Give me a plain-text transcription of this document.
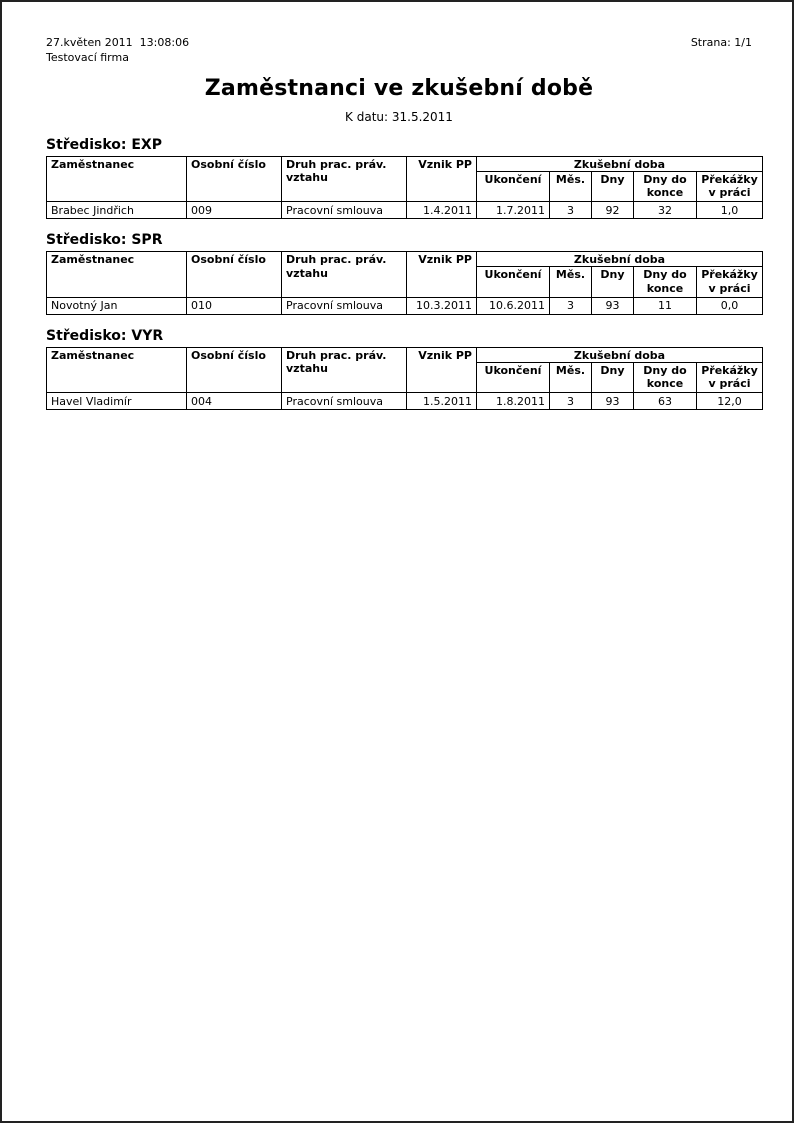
27.květen 2011  13:08:06
Testovací firma
Strana: 1/1
Zaměstnanci ve zkušební době
K datu: 31.5.2011
Středisko: EXP
Zaměstnanec	Osobní číslo	Druh prac. práv. vztahu	Vznik PP	Zkušební doba				
				Ukončení	Měs.	Dny	Dny do konce	Překážky v práci
Brabec Jindřich	009	Pracovní smlouva	1.4.2011	1.7.2011	3	92	32	1,0
Středisko: SPR
Zaměstnanec	Osobní číslo	Druh prac. práv. vztahu	Vznik PP	Zkušební doba				
				Ukončení	Měs.	Dny	Dny do konce	Překážky v práci
Novotný Jan	010	Pracovní smlouva	10.3.2011	10.6.2011	3	93	11	0,0
Středisko: VYR
Zaměstnanec	Osobní číslo	Druh prac. práv. vztahu	Vznik PP	Zkušební doba				
				Ukončení	Měs.	Dny	Dny do konce	Překážky v práci
Havel Vladimír	004	Pracovní smlouva	1.5.2011	1.8.2011	3	93	63	12,0
